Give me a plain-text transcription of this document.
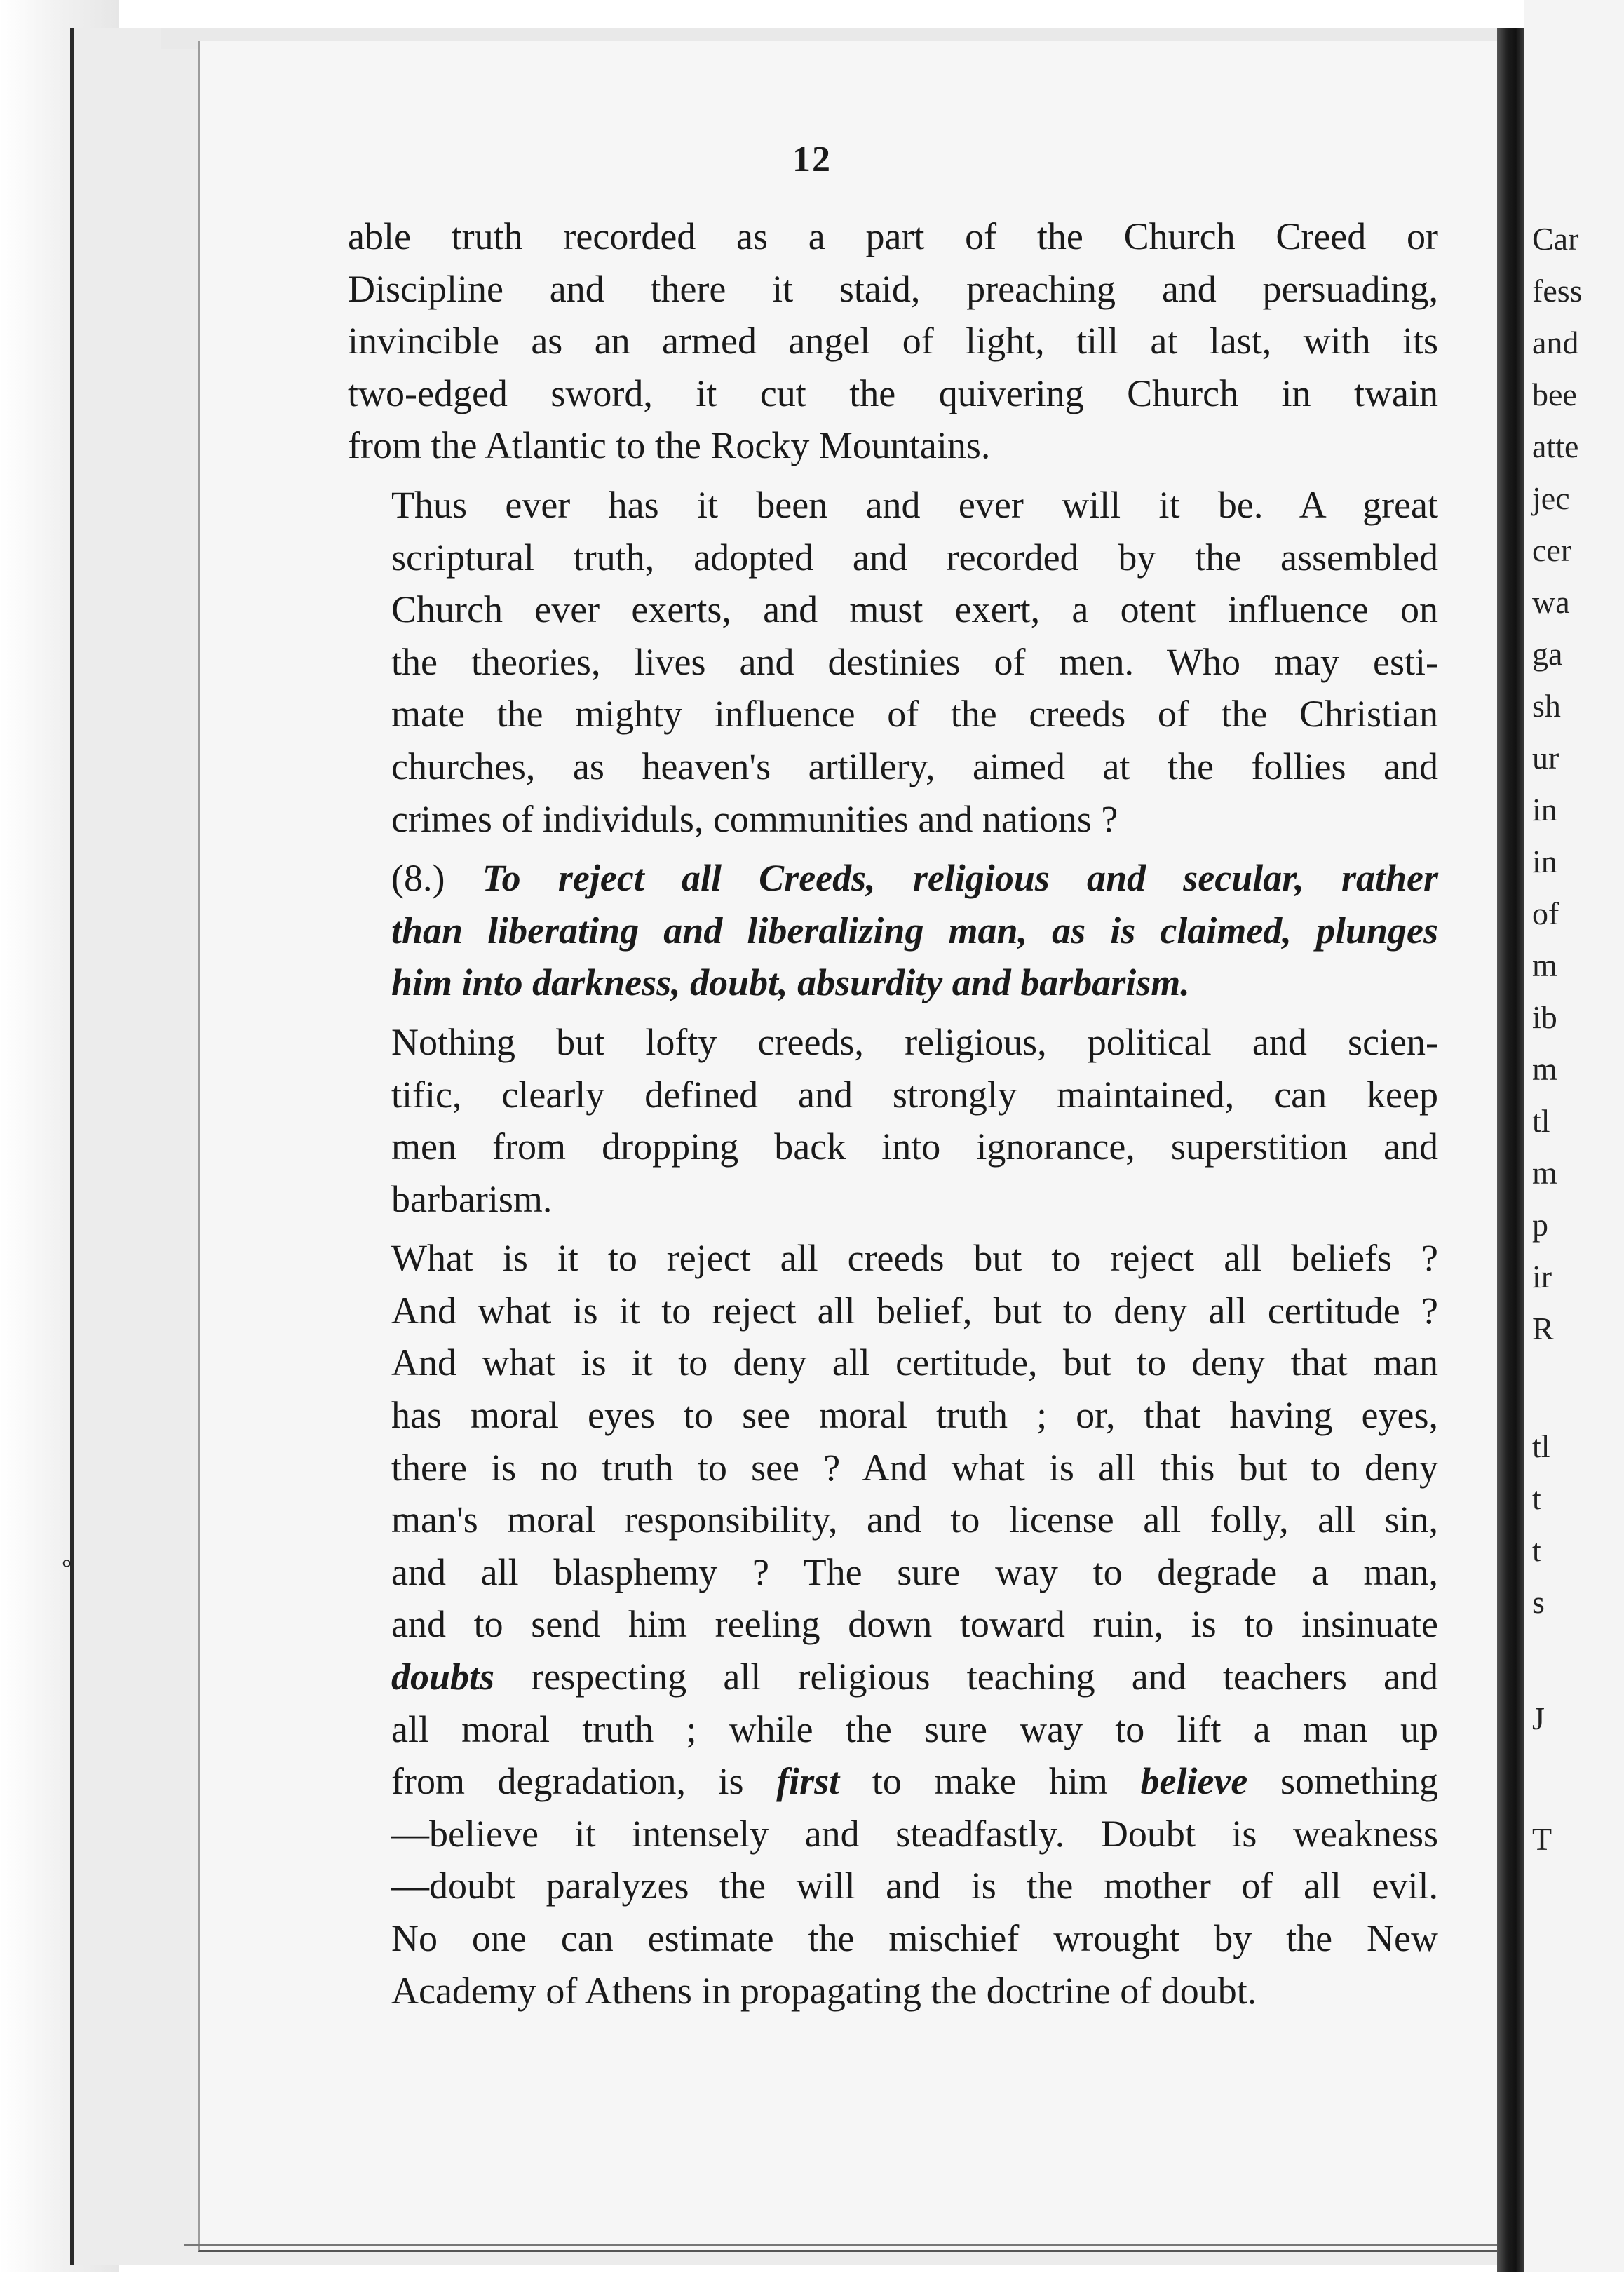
Car
fess
and
bee
atte
jec
cer
wa
ga
sh
ur
in
in
of
m
ib
m
tl
m
p
ir
R
tl
t
t
s
J
T
°
12
able truth recorded as a part of the Church Creed or
Discipline and there it staid, preaching and persuading,
invincible as an armed angel of light, till at last, with its
two-edged sword, it cut the quivering Church in twain
from the Atlantic to the Rocky Mountains.
Thus ever has it been and ever will it be. A great
scriptural truth, adopted and recorded by the assembled
Church ever exerts, and must exert, a otent influence on
the theories, lives and destinies of men. Who may esti-
mate the mighty influence of the creeds of the Christian
churches, as heaven's artillery, aimed at the follies and
crimes of individuls, communities and nations ?
(8.) To reject all Creeds, religious and secular, rather
than liberating and liberalizing man, as is claimed, plunges
him into darkness, doubt, absurdity and barbarism.
Nothing but lofty creeds, religious, political and scien-
tific, clearly defined and strongly maintained, can keep
men from dropping back into ignorance, superstition and
barbarism.
What is it to reject all creeds but to reject all beliefs ?
And what is it to reject all belief, but to deny all certitude ?
And what is it to deny all certitude, but to deny that man
has moral eyes to see moral truth ; or, that having eyes,
there is no truth to see ? And what is all this but to deny
man's moral responsibility, and to license all folly, all sin,
and all blasphemy ? The sure way to degrade a man,
and to send him reeling down toward ruin, is to insinuate
doubts respecting all religious teaching and teachers and
all moral truth ; while the sure way to lift a man up
from degradation, is first to make him believe something
—believe it intensely and steadfastly. Doubt is weakness
—doubt paralyzes the will and is the mother of all evil.
No one can estimate the mischief wrought by the New
Academy of Athens in propagating the doctrine of doubt.
